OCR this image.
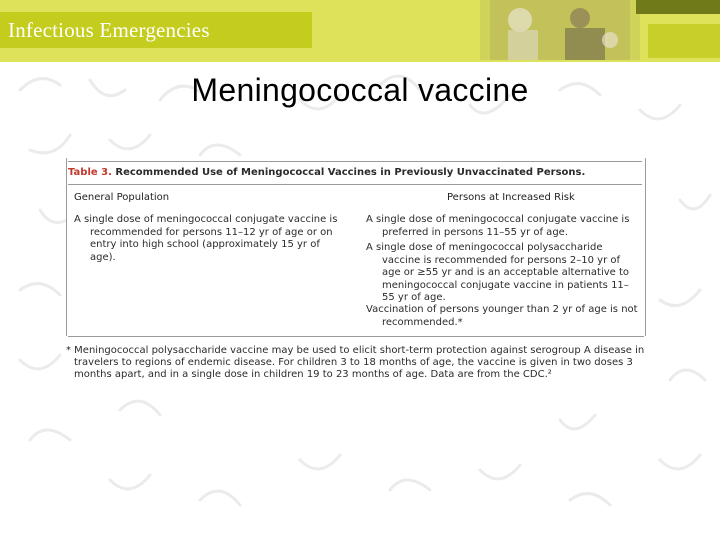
Infectious Emergencies
Meningococcal vaccine
Table 3. Recommended Use of Meningococcal Vaccines in Previously Unvaccinated Persons.
General Population	Persons at Increased Risk

A single dose of meningococcal conjugate vaccine is recommended for persons 11–12 yr of age or on entry into high school (approximately 15 yr of age).

A single dose of meningococcal conjugate vaccine is preferred in persons 11–55 yr of age.

A single dose of meningococcal polysaccharide vaccine is recommended for persons 2–10 yr of age or ≥55 yr and is an acceptable alternative to meningococcal conjugate vaccine in patients 11–55 yr of age.

Vaccination of persons younger than 2 yr of age is not recommended.*

* Meningococcal polysaccharide vaccine may be used to elicit short-term protection against serogroup A disease in travelers to regions of endemic disease. For children 3 to 18 months of age, the vaccine is given in two doses 3 months apart, and in a single dose in children 19 to 23 months of age. Data are from the CDC.²
